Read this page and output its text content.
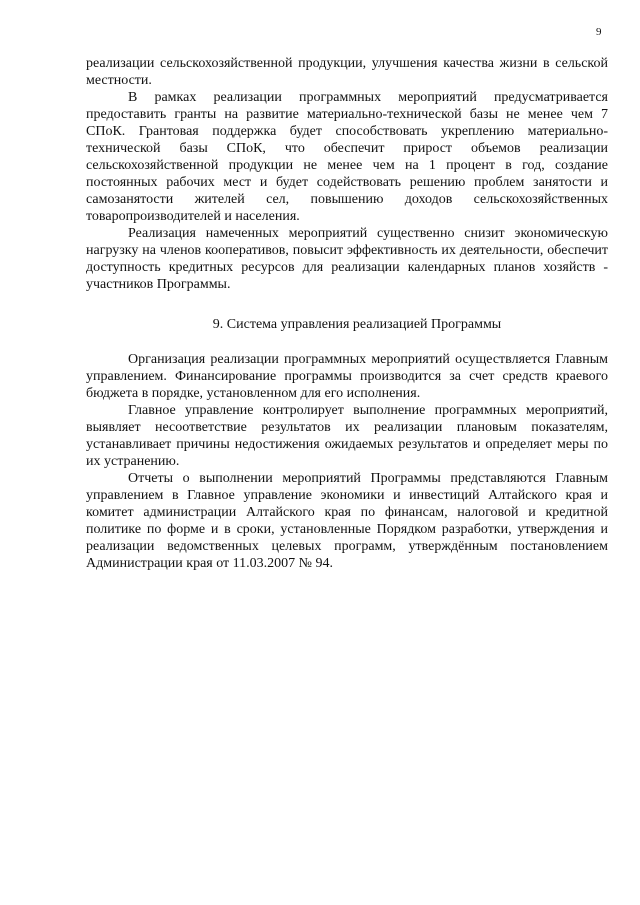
9

реализации сельскохозяйственной продукции, улучшения качества жизни в сельской местности.

В рамках реализации программных мероприятий предусматривается предоставить гранты на развитие материально-технической базы не менее чем 7 СПоК. Грантовая поддержка будет способствовать укреплению материально-технической базы СПоК, что обеспечит прирост объемов реализации сельскохозяйственной продукции не менее чем на 1 процент в год, создание постоянных рабочих мест и будет содействовать решению проблем занятости и самозанятости жителей сел, повышению доходов сельскохозяйственных товаропроизводителей и населения.

Реализация намеченных мероприятий существенно снизит экономическую нагрузку на членов кооперативов, повысит эффективность их деятельности, обеспечит доступность кредитных ресурсов для реализации календарных планов хозяйств - участников Программы.

9. Система управления реализацией Программы

Организация реализации программных мероприятий осуществляется Главным управлением. Финансирование программы производится за счет средств краевого бюджета в порядке, установленном для его исполнения.

Главное управление контролирует выполнение программных мероприятий, выявляет несоответствие результатов их реализации плановым показателям, устанавливает причины недостижения ожидаемых результатов и определяет меры по их устранению.

Отчеты о выполнении мероприятий Программы представляются Главным управлением в Главное управление экономики и инвестиций Алтайского края и комитет администрации Алтайского края по финансам, налоговой и кредитной политике по форме и в сроки, установленные Порядком разработки, утверждения и реализации ведомственных целевых программ, утверждённым постановлением Администрации края от 11.03.2007 № 94.
